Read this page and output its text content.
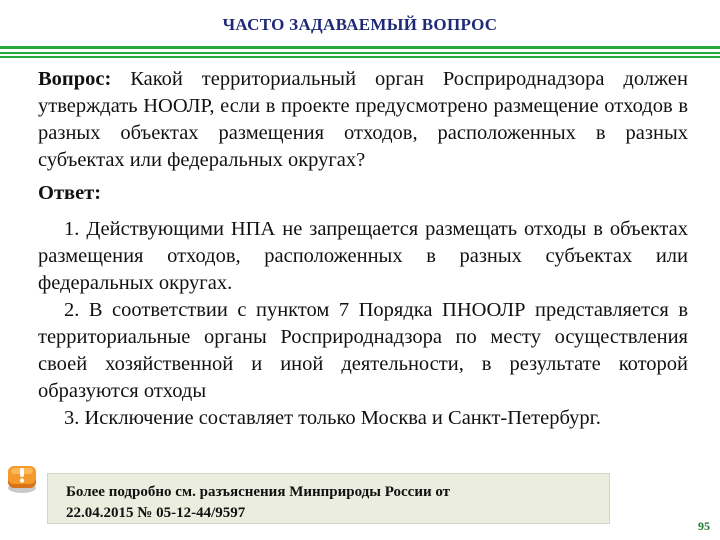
ЧАСТО ЗАДАВАЕМЫЙ ВОПРОС
Вопрос: Какой территориальный орган Росприроднадзора должен утверждать НООЛР, если в проекте предусмотрено размещение отходов в разных объектах размещения отходов, расположенных в разных субъектах или федеральных округах?
Ответ:
1. Действующими НПА не запрещается размещать отходы в объектах размещения отходов, расположенных в разных субъектах или федеральных округах.
2. В соответствии с пунктом 7 Порядка ПНООЛР представляется в территориальные органы Росприроднадзора по месту осуществления своей хозяйственной и иной деятельности, в результате которой образуются отходы
3. Исключение составляет только Москва и Санкт-Петербург.
Более подробно см. разъяснения Минприроды России от
22.04.2015 № 05-12-44/9597
95
